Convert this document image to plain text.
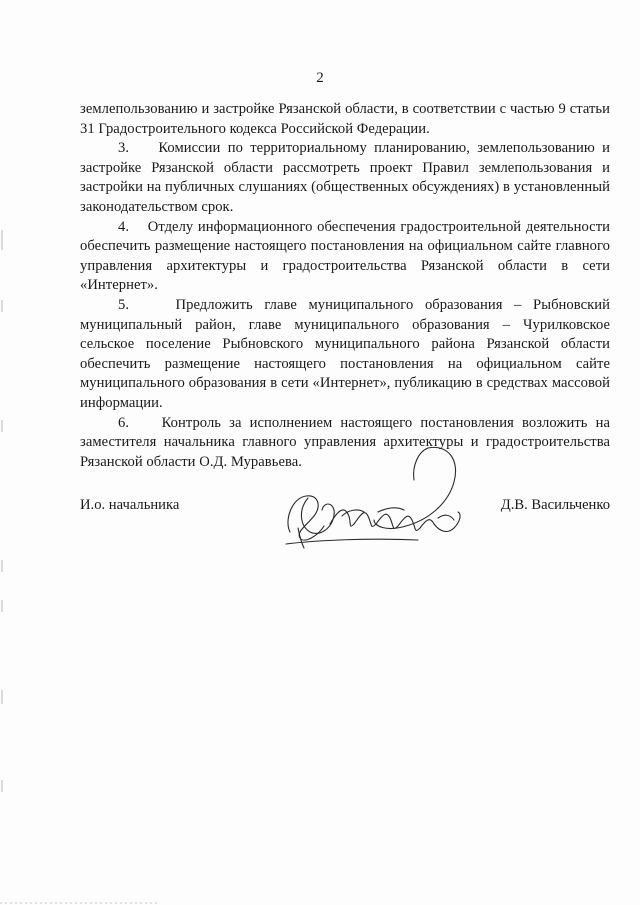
2

землепользованию и застройке Рязанской области, в соответствии с частью 9 статьи 31 Градостроительного кодекса Российской Федерации.

3.    Комиссии по территориальному планированию, землепользованию и застройке Рязанской области рассмотреть проект Правил землепользования и застройки на публичных слушаниях (общественных обсуждениях) в установленный законодательством срок.

4.    Отделу информационного обеспечения градостроительной деятельности обеспечить размещение настоящего постановления на официальном сайте главного управления архитектуры и градостроительства Рязанской области в сети «Интернет».

5.    Предложить главе муниципального образования – Рыбновский муниципальный район, главе муниципального образования – Чурилковское сельское поселение Рыбновского муниципального района Рязанской области обеспечить размещение настоящего постановления на официальном сайте муниципального образования в сети «Интернет», публикацию в средствах массовой информации.

6.    Контроль за исполнением настоящего постановления возложить на заместителя начальника главного управления архитектуры и градостроительства Рязанской области О.Д. Муравьева.

И.о. начальника	Д.В. Васильченко
